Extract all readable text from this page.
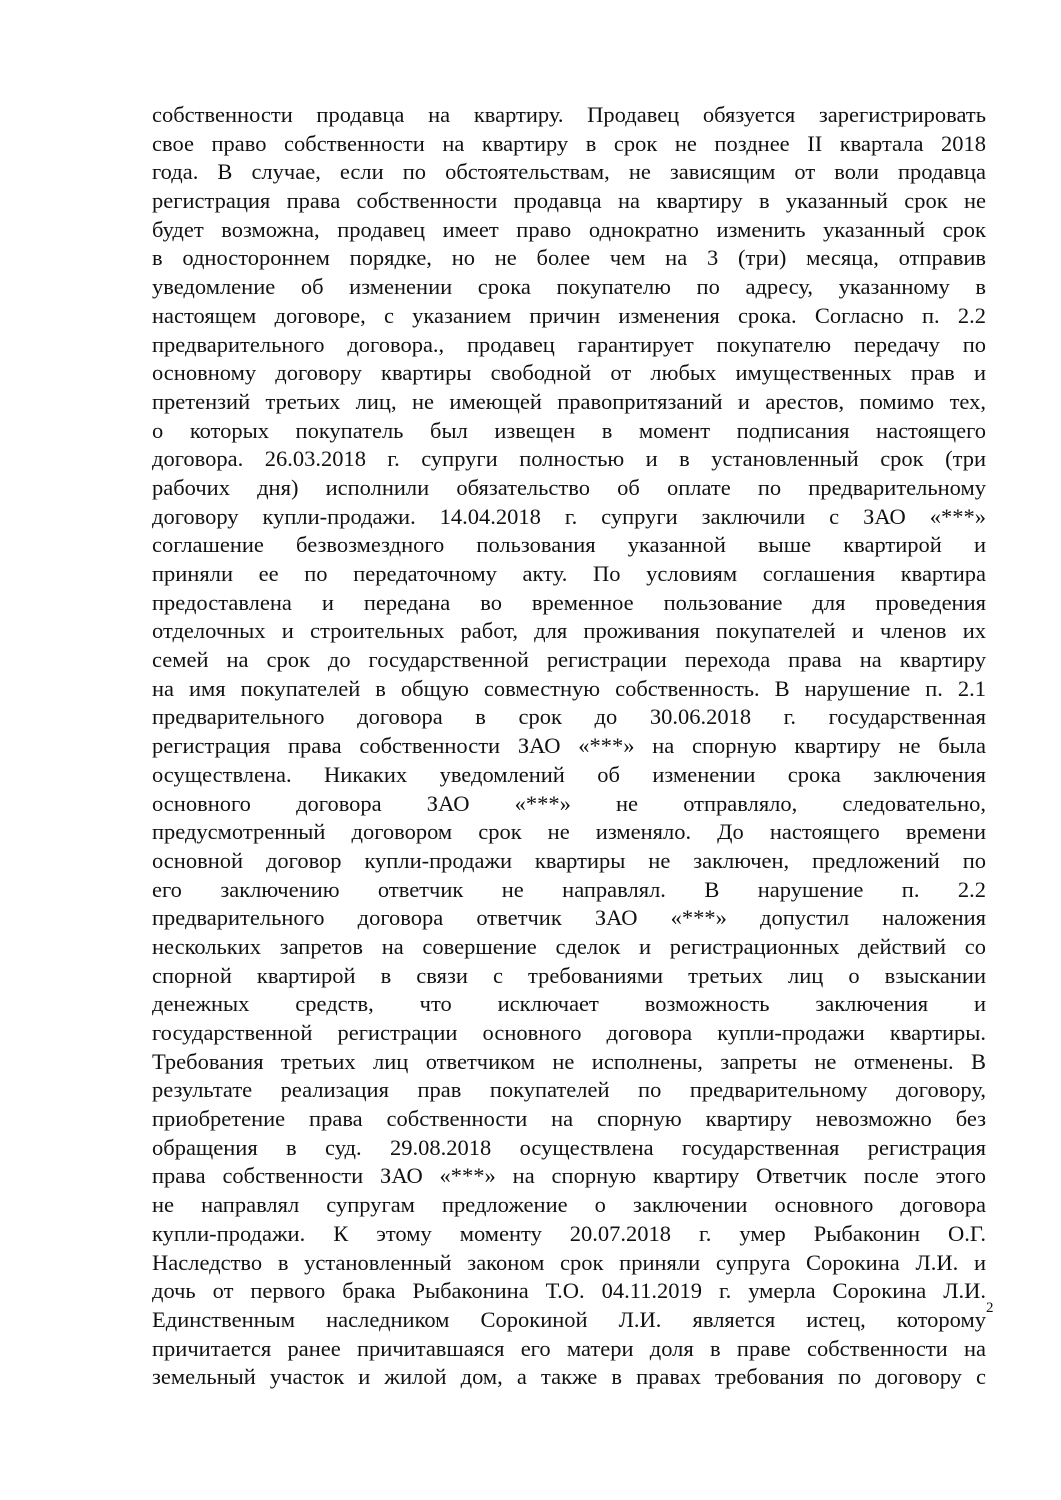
собственности продавца на квартиру. Продавец обязуется зарегистрировать
свое право собственности на квартиру в срок не позднее II квартала 2018
года. В случае, если по обстоятельствам, не зависящим от воли продавца
регистрация права собственности продавца на квартиру в указанный срок не
будет возможна, продавец имеет право однократно изменить указанный срок
в одностороннем порядке, но не более чем на 3 (три) месяца, отправив
уведомление об изменении срока покупателю по адресу, указанному в
настоящем договоре, с указанием причин изменения срока. Согласно п. 2.2
предварительного договора., продавец гарантирует покупателю передачу по
основному договору квартиры свободной от любых имущественных прав и
претензий третьих лиц, не имеющей правопритязаний и арестов, помимо тех,
о которых покупатель был извещен в момент подписания настоящего
договора. 26.03.2018 г. супруги полностью и в установленный срок (три
рабочих дня) исполнили обязательство об оплате по предварительному
договору купли-продажи. 14.04.2018 г. супруги заключили с ЗАО «***»
соглашение безвозмездного пользования указанной выше квартирой и
приняли ее по передаточному акту. По условиям соглашения квартира
предоставлена и передана во временное пользование для проведения
отделочных и строительных работ, для проживания покупателей и членов их
семей на срок до государственной регистрации перехода права на квартиру
на имя покупателей в общую совместную собственность. В нарушение п. 2.1
предварительного договора в срок до 30.06.2018 г. государственная
регистрация права собственности ЗАО «***» на спорную квартиру не была
осуществлена. Никаких уведомлений об изменении срока заключения
основного договора ЗАО «***» не отправляло, следовательно,
предусмотренный договором срок не изменяло. До настоящего времени
основной договор купли-продажи квартиры не заключен, предложений по
его заключению ответчик не направлял. В нарушение п. 2.2
предварительного договора ответчик ЗАО «***» допустил наложения
нескольких запретов на совершение сделок и регистрационных действий со
спорной квартирой в связи с требованиями третьих лиц о взыскании
денежных средств, что исключает возможность заключения и
государственной регистрации основного договора купли-продажи квартиры.
Требования третьих лиц ответчиком не исполнены, запреты не отменены. В
результате реализация прав покупателей по предварительному договору,
приобретение права собственности на спорную квартиру невозможно без
обращения в суд. 29.08.2018 осуществлена государственная регистрация
права собственности ЗАО «***» на спорную квартиру Ответчик после этого
не направлял супругам предложение о заключении основного договора
купли-продажи. К этому моменту 20.07.2018 г. умер Рыбаконин О.Г.
Наследство в установленный законом срок приняли супруга Сорокина Л.И. и
дочь от первого брака Рыбаконина Т.О. 04.11.2019 г. умерла Сорокина Л.И.
Единственным наследником Сорокиной Л.И. является истец, которому
причитается ранее причитавшаяся его матери доля в праве собственности на
земельный участок и жилой дом, а также в правах требования по договору с
2
